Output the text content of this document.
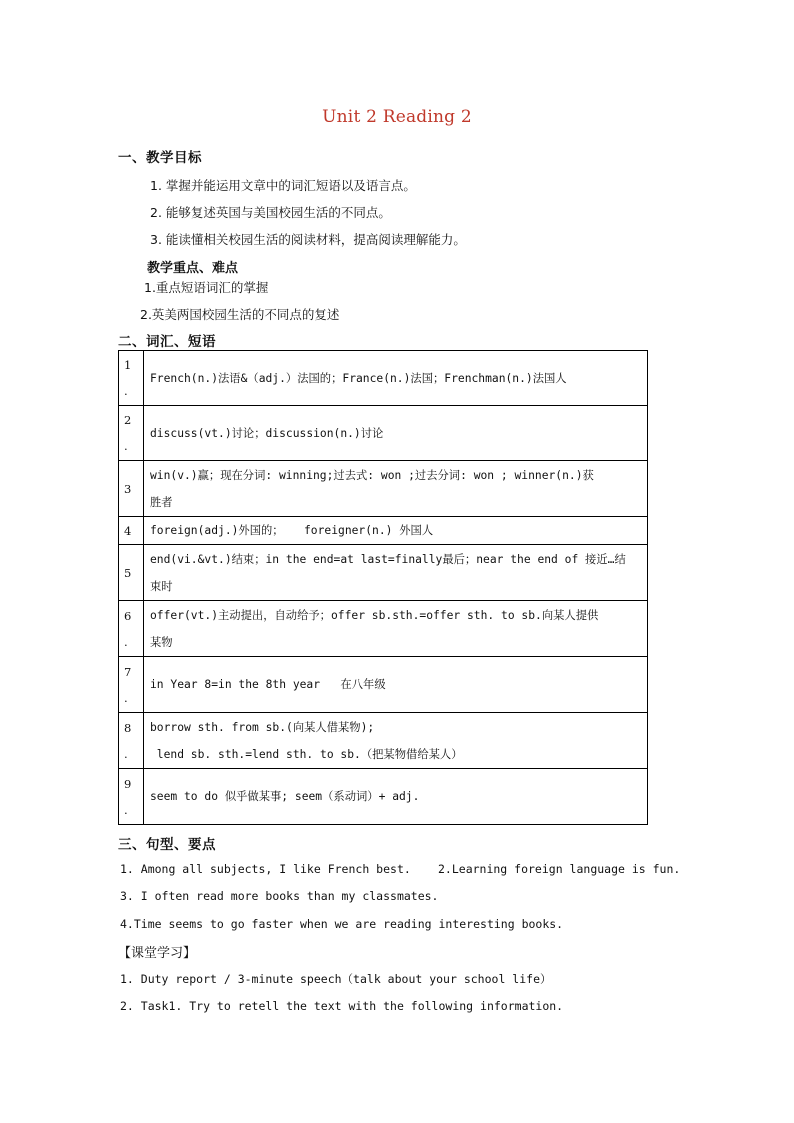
Unit 2 Reading 2
一、教学目标
1. 掌握并能运用文章中的词汇短语以及语言点。
2. 能够复述英国与美国校园生活的不同点。
3. 能读懂相关校园生活的阅读材料，提高阅读理解能力。
教学重点、难点
1.重点短语词汇的掌握
2.英美两国校园生活的不同点的复述
二、词汇、短语
1
.	French(n.)法语&（adj.）法国的；France(n.)法国；Frenchman(n.)法国人
2
.	discuss(vt.)讨论；discussion(n.)讨论
3	win(v.)赢；现在分词: winning;过去式: won ;过去分词: won ; winner(n.)获
胜者
4	foreign(adj.)外国的；   foreigner(n.) 外国人
5	end(vi.&vt.)结束；in the end=at last=finally最后；near the end of 接近…结
束时
6
.	offer(vt.)主动提出，自动给予；offer sb.sth.=offer sth. to sb.向某人提供
某物
7
.	in Year 8=in the 8th year   在八年级
8
.	borrow sth. from sb.(向某人借某物);
lend sb. sth.=lend sth. to sb.（把某物借给某人）
9
.	seem to do 似乎做某事; seem（系动词）+ adj.
三、句型、要点
1. Among all subjects, I like French best. 2.Learning foreign language is fun.
3. I often read more books than my classmates.
4.Time seems to go faster when we are reading interesting books.
【课堂学习】
1. Duty report / 3-minute speech（talk about your school life）
2. Task1. Try to retell the text with the following information.
